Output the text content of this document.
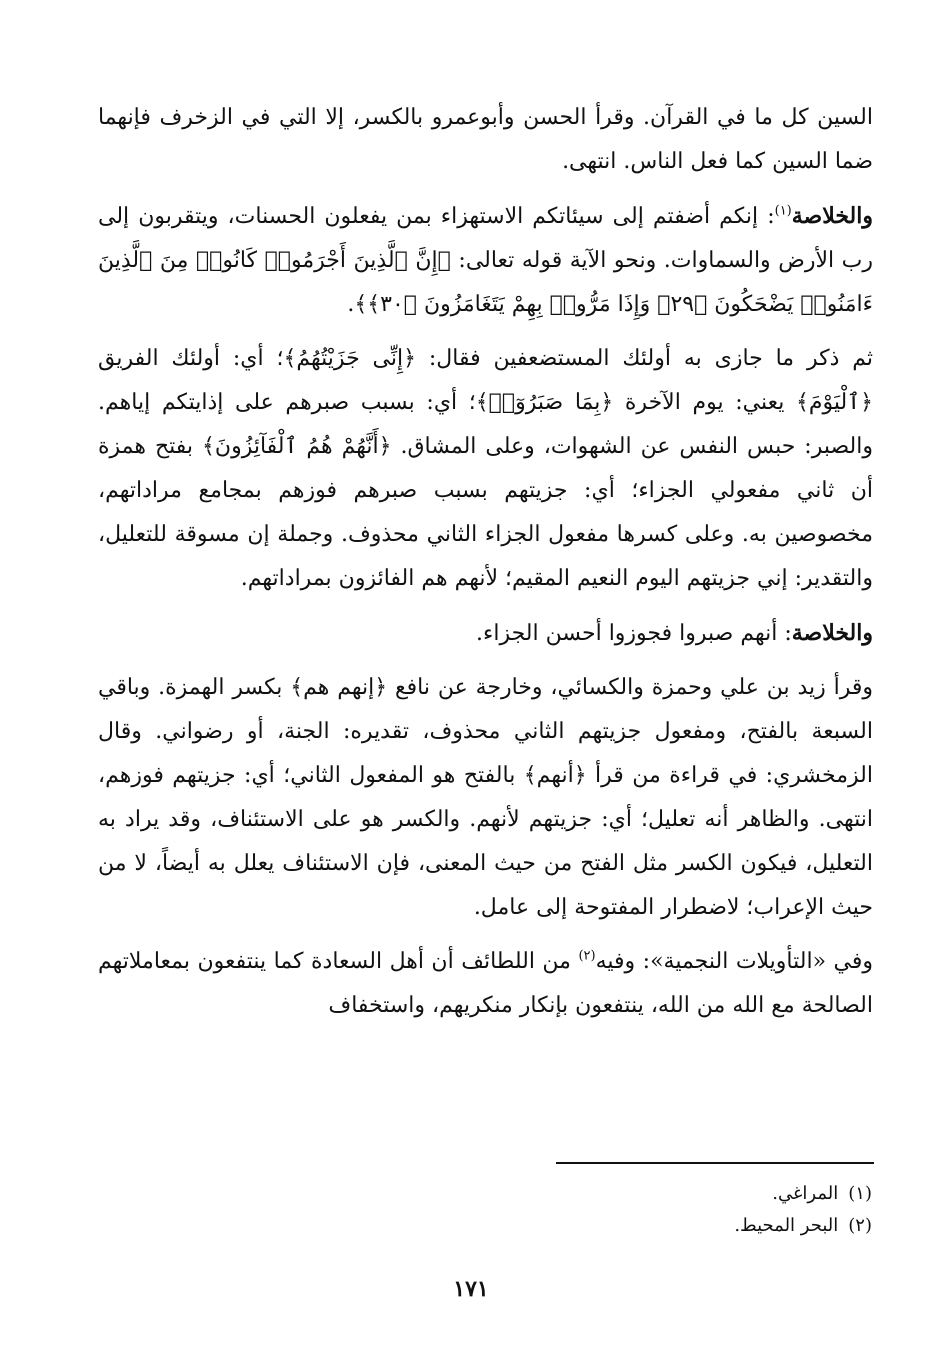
السين كل ما في القرآن. وقرأ الحسن وأبوعمرو بالكسر، إلا التي في الزخرف فإنهما ضما السين كما فعل الناس. انتهى.

والخلاصة$^{(١)}$: إنكم أضفتم إلى سيئاتكم الاستهزاء بمن يفعلون الحسنات، ويتقربون إلى رب الأرض والسماوات. ونحو الآية قوله تعالى: ﴿إِنَّ ٱلَّذِينَ أَجْرَمُوا۟ كَانُوا۟ مِنَ ٱلَّذِينَ ءَامَنُوا۟ يَضْحَكُونَ ﴿٢٩﴾ وَإِذَا مَرُّوا۟ بِهِمْ يَتَغَامَزُونَ ﴿٣٠﴾﴾.

ثم ذكر ما جازى به أولئك المستضعفين فقال: ﴿إِنِّى جَزَيْتُهُمُ﴾؛ أي: أولئك الفريق ﴿ٱلْيَوْمَ﴾ يعني: يوم الآخرة ﴿بِمَا صَبَرُوٓا۟﴾؛ أي: بسبب صبرهم على إذايتكم إياهم. والصبر: حبس النفس عن الشهوات، وعلى المشاق. ﴿أَنَّهُمْ هُمُ ٱلْفَآئِزُونَ﴾ بفتح همزة أن ثاني مفعولي الجزاء؛ أي: جزيتهم بسبب صبرهم فوزهم بمجامع مراداتهم، مخصوصين به. وعلى كسرها مفعول الجزاء الثاني محذوف. وجملة إن مسوقة للتعليل، والتقدير: إني جزيتهم اليوم النعيم المقيم؛ لأنهم هم الفائزون بمراداتهم.

والخلاصة: أنهم صبروا فجوزوا أحسن الجزاء.

وقرأ زيد بن علي وحمزة والكسائي، وخارجة عن نافع ﴿إنهم هم﴾ بكسر الهمزة. وباقي السبعة بالفتح، ومفعول جزيتهم الثاني محذوف، تقديره: الجنة، أو رضواني. وقال الزمخشري: في قراءة من قرأ ﴿أنهم﴾ بالفتح هو المفعول الثاني؛ أي: جزيتهم فوزهم، انتهى. والظاهر أنه تعليل؛ أي: جزيتهم لأنهم. والكسر هو على الاستئناف، وقد يراد به التعليل، فيكون الكسر مثل الفتح من حيث المعنى، فإن الاستئناف يعلل به أيضاً، لا من حيث الإعراب؛ لاضطرار المفتوحة إلى عامل.

وفي «التأويلات النجمية»: وفيه$^{(٢)}$ من اللطائف أن أهل السعادة كما ينتفعون بمعاملاتهم الصالحة مع الله من الله، ينتفعون بإنكار منكريهم، واستخفاف

(١)المراغي.
(٢)البحر المحيط.
١٧١
